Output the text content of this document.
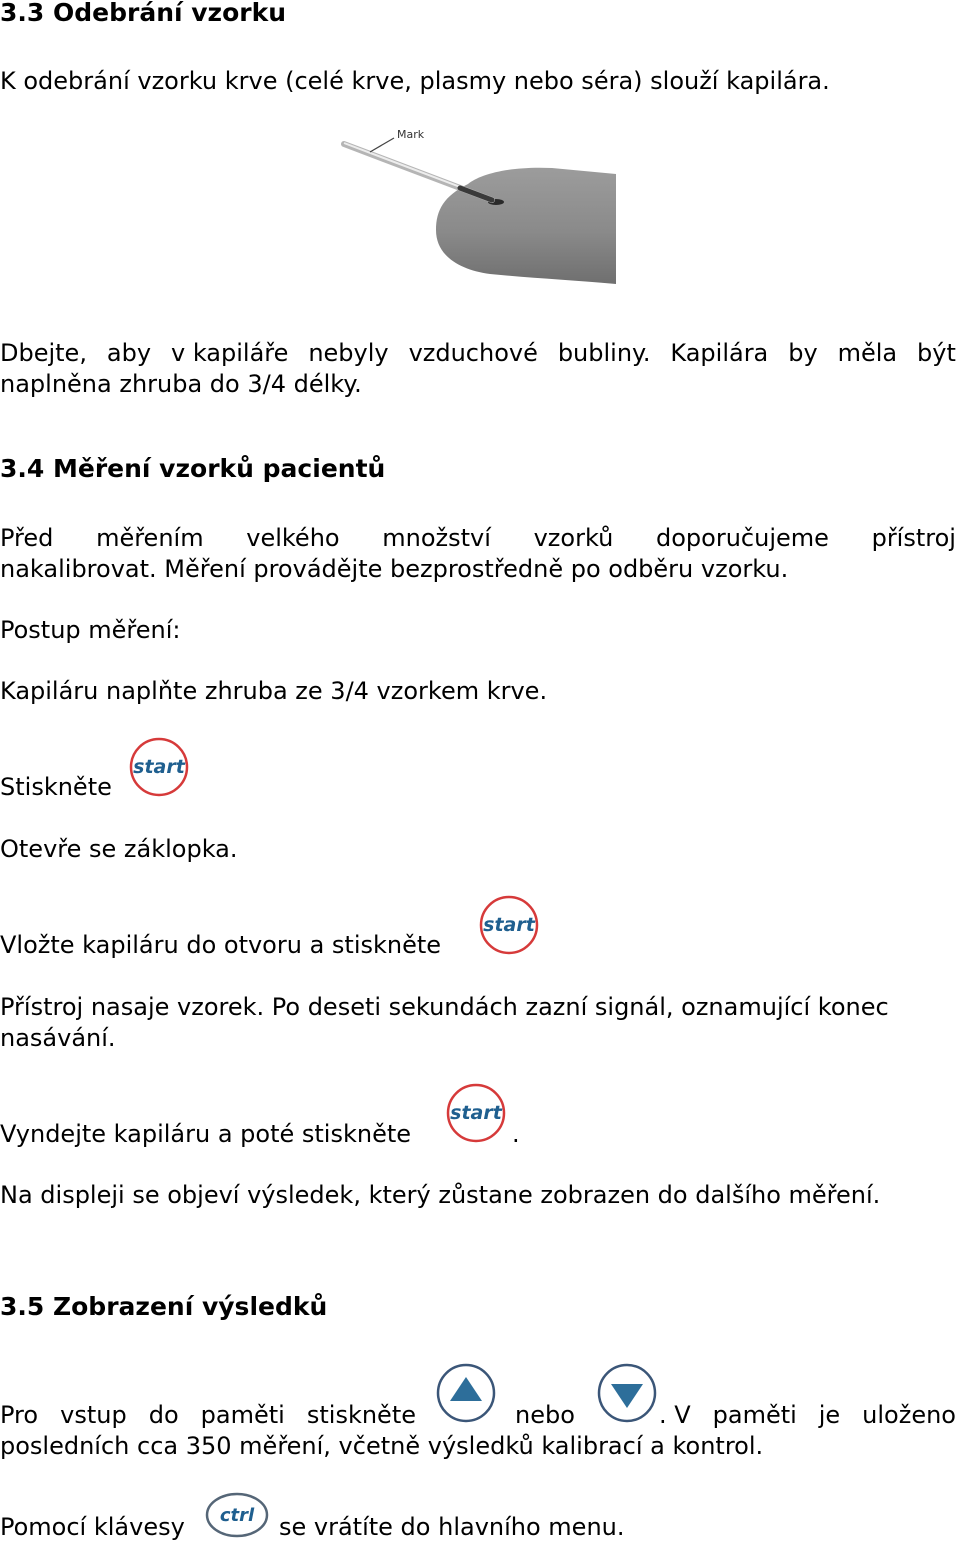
3.3 Odebrání vzorku

K odebrání vzorku krve (celé krve, plasmy nebo séra) slouží kapilára.

Mark

Dbejte, aby v kapiláře nebyly vzduchové bubliny. Kapilára by měla být

naplněna zhruba do 3/4 délky.

3.4 Měření vzorků pacientů

Před měřením velkého množství vzorků doporučujeme přístroj

nakalibrovat. Měření provádějte bezprostředně po odběru vzorku.

Postup měření:

Kapiláru naplňte zhruba ze 3/4 vzorkem krve.

Stiskněte

start

Otevře se záklopka.

Vložte kapiláru do otvoru a stiskněte

start

Přístroj nasaje vzorek. Po deseti sekundách zazní signál, oznamující konec

nasávání.

Vyndejte kapiláru a poté stiskněte

start

.

Na displeji se objeví výsledek, který zůstane zobrazen do dalšího měření.

3.5 Zobrazení výsledků

Pro vstup do paměti stiskněte	nebo	. V paměti je uloženo

posledních cca 350 měření, včetně výsledků kalibrací a kontrol.

Pomocí klávesy ctrl se vrátíte do hlavního menu.
